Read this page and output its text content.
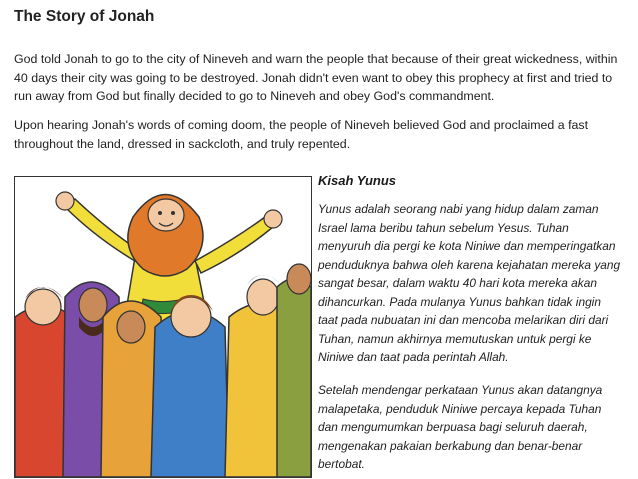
The Story of Jonah
God told Jonah to go to the city of Nineveh and warn the people that because of their great wickedness, within 40 days their city was going to be destroyed. Jonah didn't even want to obey this prophecy at first and tried to run away from God but finally decided to go to Nineveh and obey God's commandment.
Upon hearing Jonah's words of coming doom, the people of Nineveh believed God and proclaimed a fast throughout the land, dressed in sackcloth, and truly repented.
Kisah Yunus
Yunus adalah seorang nabi yang hidup dalam zaman Israel lama beribu tahun sebelum Yesus. Tuhan menyuruh dia pergi ke kota Niniwe dan memperingatkan penduduknya bahwa oleh karena kejahatan mereka yang sangat besar, dalam waktu 40 hari kota mereka akan dihancurkan. Pada mulanya Yunus bahkan tidak ingin taat pada nubuatan ini dan mencoba melarikan diri dari Tuhan, namun akhirnya memutuskan untuk pergi ke Niniwe dan taat pada perintah Allah.
Setelah mendengar perkataan Yunus akan datangnya malapetaka, penduduk Niniwe percaya kepada Tuhan dan mengumumkan berpuasa bagi seluruh daerah, mengenakan pakaian berkabung dan benar-benar bertobat.
